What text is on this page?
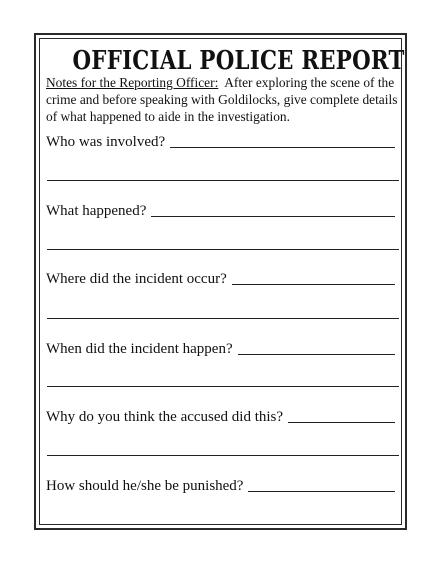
OFFICIAL POLICE REPORT
Notes for the Reporting Officer: After exploring the scene of the crime and before speaking with Goldilocks, give complete details of what happened to aide in the investigation.
Who was involved?
What happened?
Where did the incident occur?
When did the incident happen?
Why do you think the accused did this?
How should he/she be punished?
